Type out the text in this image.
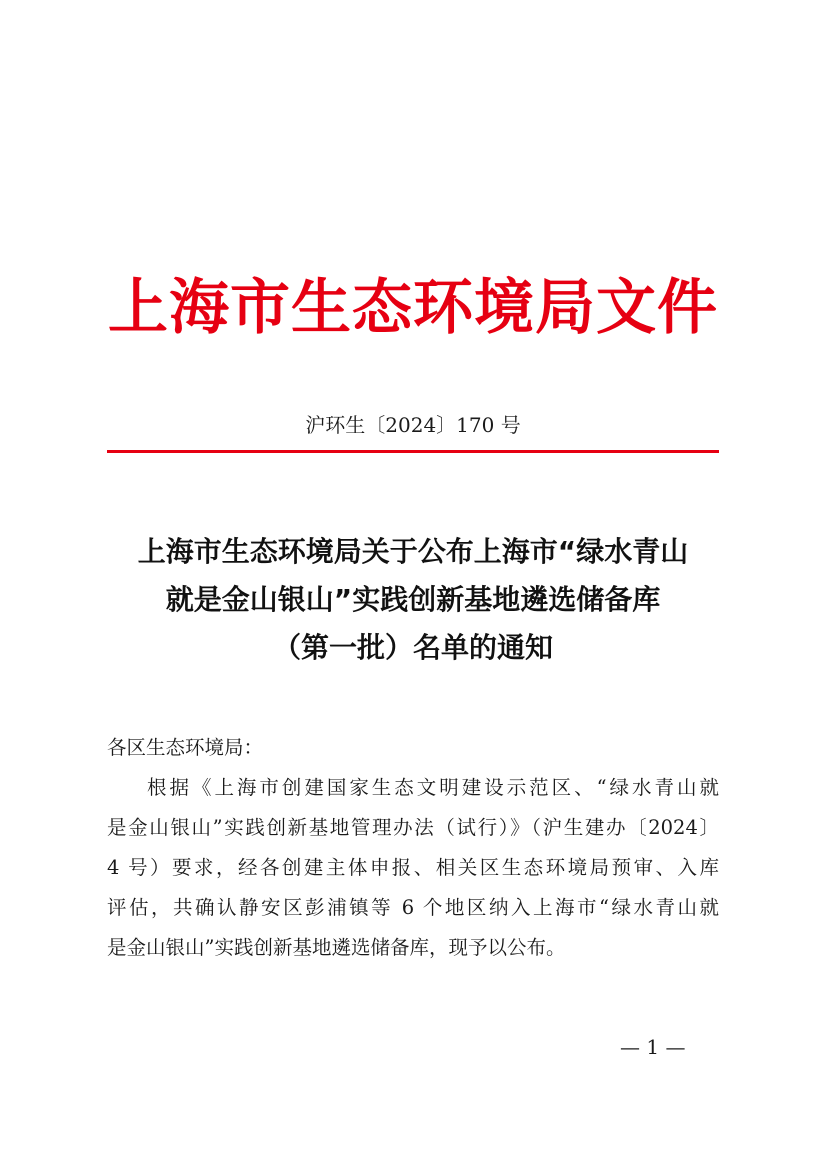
上海市生态环境局文件
沪环生〔2024〕170 号
上海市生态环境局关于公布上海市“绿水青山
就是金山银山”实践创新基地遴选储备库
（第一批）名单的通知
各区生态环境局：
根据《上海市创建国家生态文明建设示范区、“绿水青山就
是金山银山”实践创新基地管理办法（试行）》（沪生建办〔2024〕
4 号）要求，经各创建主体申报、相关区生态环境局预审、入库
评估，共确认静安区彭浦镇等 6 个地区纳入上海市“绿水青山就
是金山银山”实践创新基地遴选储备库，现予以公布。
— 1 —
